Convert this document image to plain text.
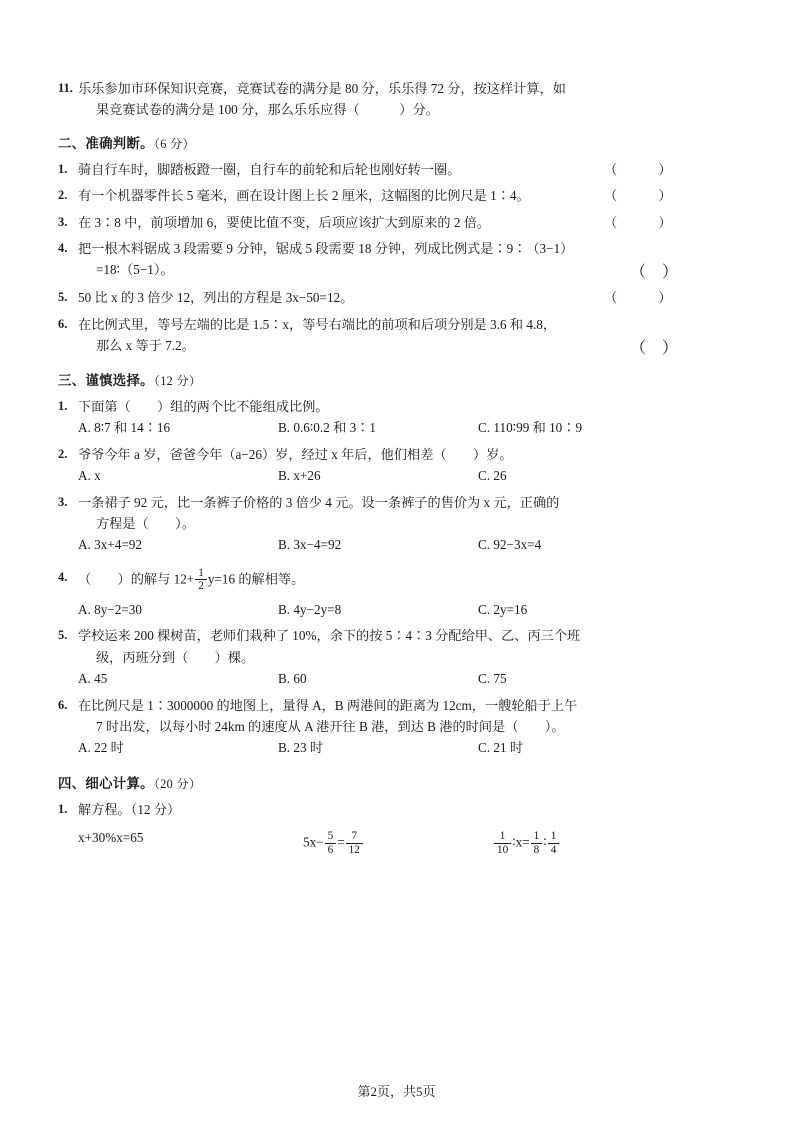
11. 乐乐参加市环保知识竞赛，竞赛试卷的满分是 80 分，乐乐得 72 分，按这样计算，如
果竞赛试卷的满分是 100 分，那么乐乐应得（　　　）分。
二、准确判断。（6 分）
1. 骑自行车时，脚踏板蹬一圈，自行车的前轮和后轮也刚好转一圈。	（　）
2. 有一个机器零件长 5 毫米，画在设计图上长 2 厘米，这幅图的比例尺是 1∶4。	（　）
3. 在 3∶8 中，前项增加 6，要使比值不变，后项应该扩大到原来的 2 倍。	（　）
4. 把一根木料锯成 3 段需要 9 分钟，锯成 5 段需要 18 分钟，列成比例式是∶9∶（3−1）
=18∶（5−1）。	（　）
5. 50 比 x 的 3 倍少 12，列出的方程是 3x−50=12。	（　）
6. 在比例式里，等号左端的比是 1.5∶x，等号右端比的前项和后项分别是 3.6 和 4.8，
那么 x 等于 7.2。	（　）
三、谨慎选择。（12 分）
1. 下面第（　　）组的两个比不能组成比例。
A. 8∶7 和 14∶16	B. 0.6∶0.2 和 3∶1	C. 110∶99 和 10∶9
2. 爷爷今年 a 岁，爸爸今年（a−26）岁，经过 x 年后，他们相差（　　）岁。
A. x	B. x+26	C. 26
3. 一条裙子 92 元，比一条裤子价格的 3 倍少 4 元。设一条裤子的售价为 x 元，正确的
方程是（　　）。
A. 3x+4=92	B. 3x−4=92	C. 92−3x=4
4. （　　）的解与 $12+ \frac{1}{2} y=16$ 的解相等。
A. 8y−2=30	B. 4y−2y=8	C. 2y=16
5. 学校运来 200 棵树苗，老师们栽种了 10%，余下的按 5∶4∶3 分配给甲、乙、丙三个班
级，丙班分到（　　）棵。
A. 45	B. 60	C. 75
6. 在比例尺是 1∶3000000 的地图上，量得 A，B 两港间的距离为 12cm，一艘轮船于上午
7 时出发，以每小时 24km 的速度从 A 港开往 B 港，到达 B 港的时间是（　　）。
A. 22 时	B. 23 时	C. 21 时
四、细心计算。（20 分）
1. 解方程。（12 分）
x+30%x=65	$5x- \frac{5}{6} = \frac{7}{12}$	$\frac{1}{10}$ ∶x= $\frac{1}{8}$ ∶ $\frac{1}{4}$
第2页，共5页
